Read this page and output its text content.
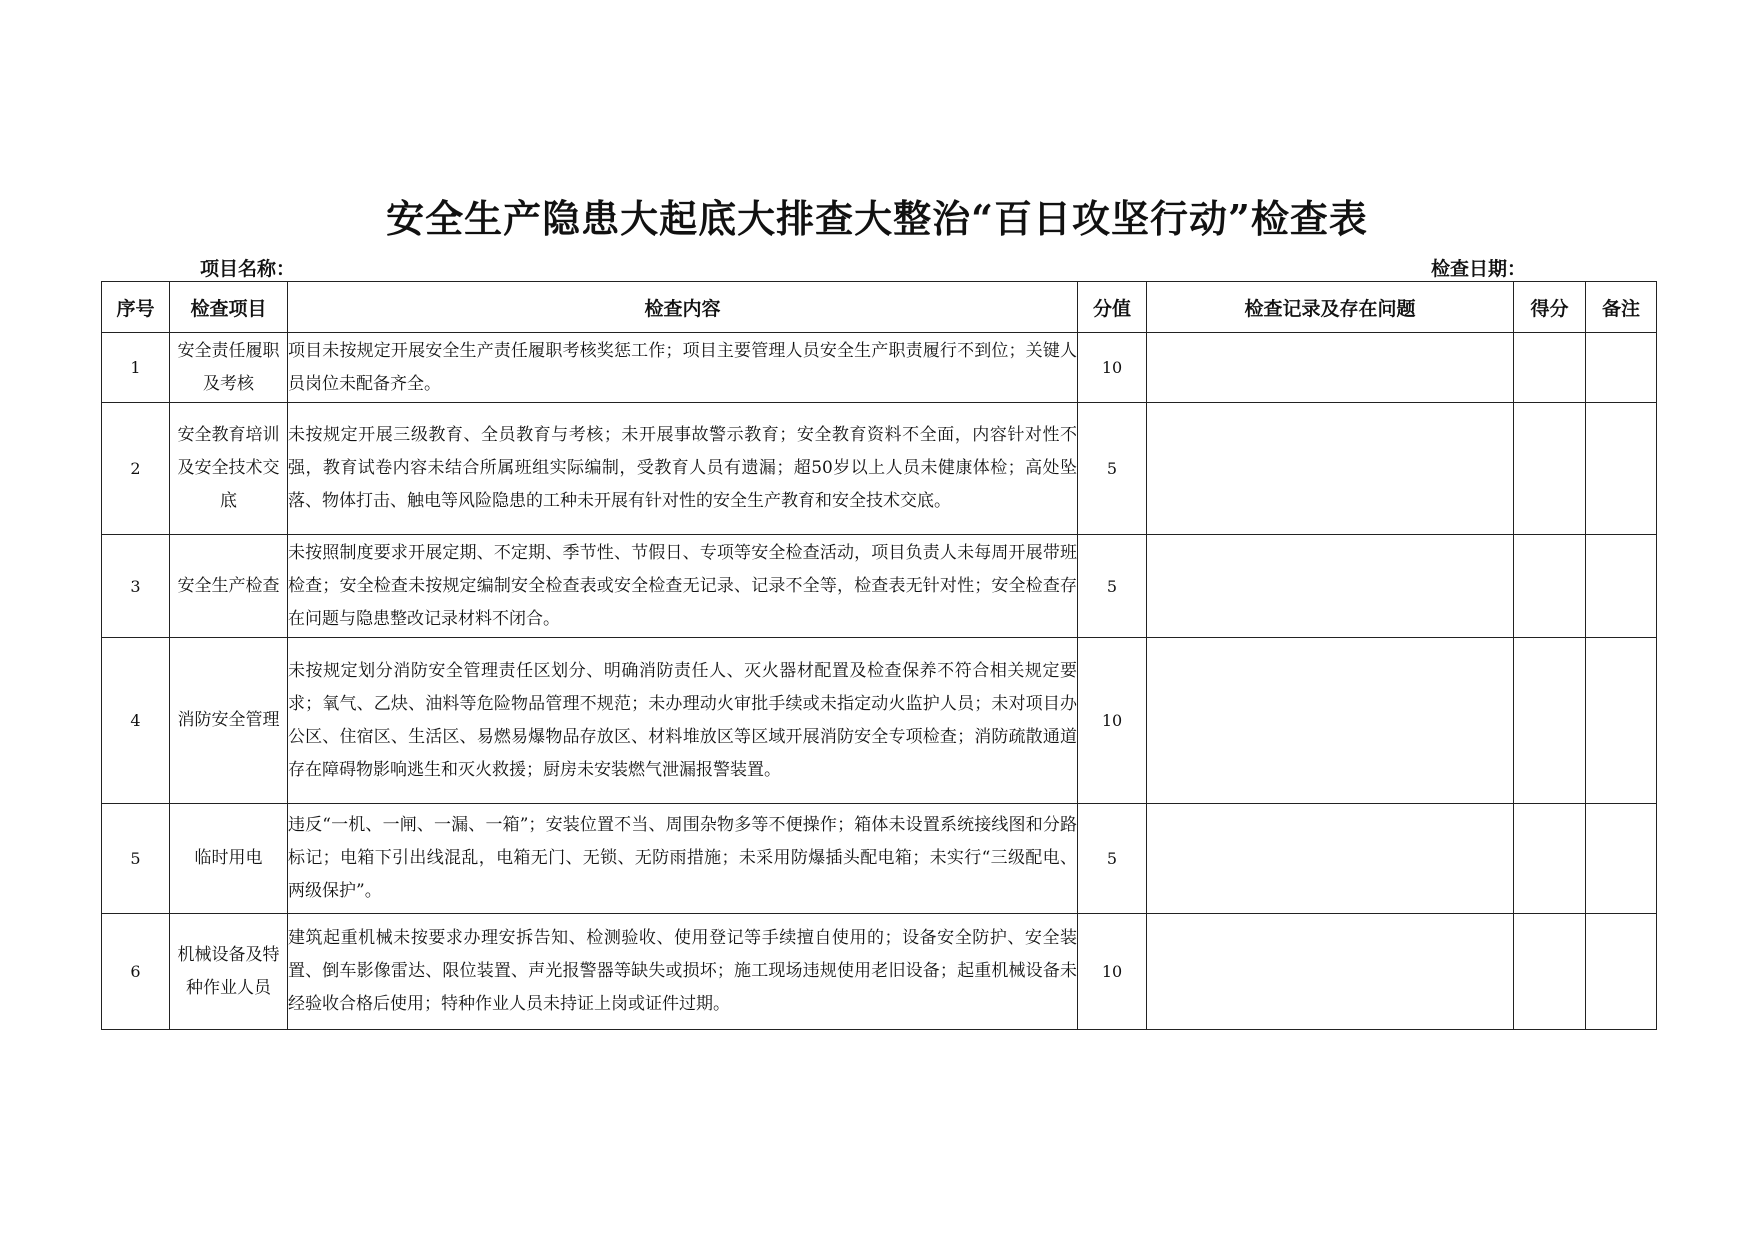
安全生产隐患大起底大排查大整治“百日攻坚行动”检查表
项目名称：	检查日期：
序号	检查项目	检查内容	分值	检查记录及存在问题	得分	备注
1	安全责任履职及考核	项目未按规定开展安全生产责任履职考核奖惩工作；项目主要管理人员安全生产职责履行不到位；关键人员岗位未配备齐全。	10			
2	安全教育培训及安全技术交底	未按规定开展三级教育、全员教育与考核；未开展事故警示教育；安全教育资料不全面，内容针对性不强，教育试卷内容未结合所属班组实际编制，受教育人员有遗漏；超50岁以上人员未健康体检；高处坠落、物体打击、触电等风险隐患的工种未开展有针对性的安全生产教育和安全技术交底。	5			
3	安全生产检查	未按照制度要求开展定期、不定期、季节性、节假日、专项等安全检查活动，项目负责人未每周开展带班检查；安全检查未按规定编制安全检查表或安全检查无记录、记录不全等，检查表无针对性；安全检查存在问题与隐患整改记录材料不闭合。	5			
4	消防安全管理	未按规定划分消防安全管理责任区划分、明确消防责任人、灭火器材配置及检查保养不符合相关规定要求；氧气、乙炔、油料等危险物品管理不规范；未办理动火审批手续或未指定动火监护人员；未对项目办公区、住宿区、生活区、易燃易爆物品存放区、材料堆放区等区域开展消防安全专项检查；消防疏散通道存在障碍物影响逃生和灭火救援；厨房未安装燃气泄漏报警装置。	10			
5	临时用电	违反“一机、一闸、一漏、一箱”；安装位置不当、周围杂物多等不便操作；箱体未设置系统接线图和分路标记；电箱下引出线混乱，电箱无门、无锁、无防雨措施；未采用防爆插头配电箱；未实行“三级配电、两级保护”。	5			
6	机械设备及特种作业人员	建筑起重机械未按要求办理安拆告知、检测验收、使用登记等手续擅自使用的；设备安全防护、安全装置、倒车影像雷达、限位装置、声光报警器等缺失或损坏；施工现场违规使用老旧设备；起重机械设备未经验收合格后使用；特种作业人员未持证上岗或证件过期。	10			
